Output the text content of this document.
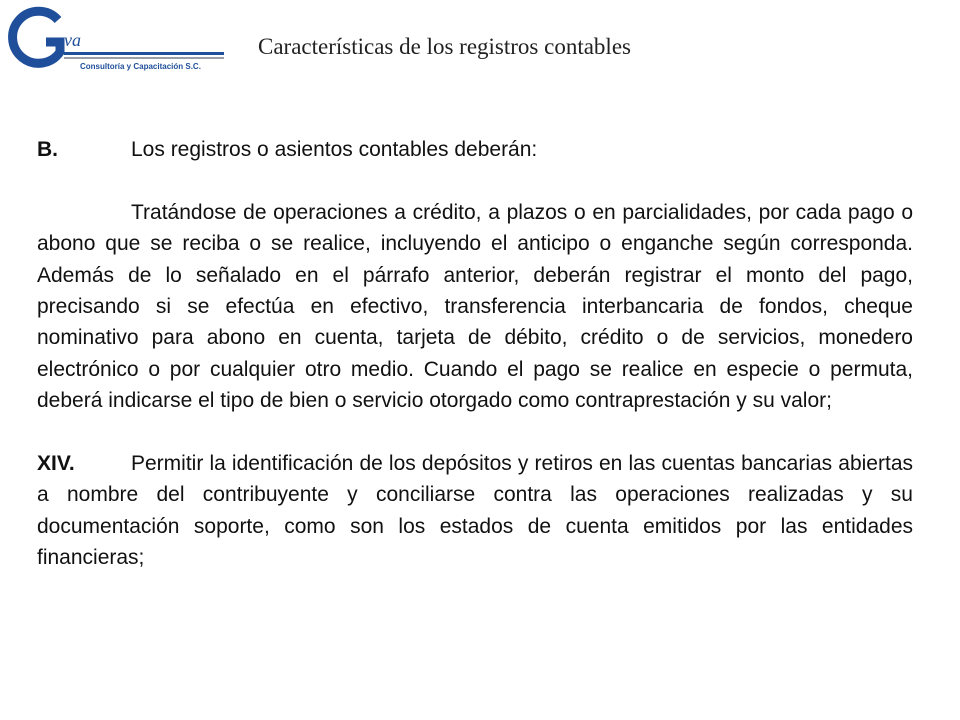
va
Consultoría y Capacitación S.C.
Características de los registros contables
B.	Los registros o asientos contables deberán:

Tratándose de operaciones a crédito, a plazos o en parcialidades, por cada pago o abono que se reciba o se realice, incluyendo el anticipo o enganche según corresponda. Además de lo señalado en el párrafo anterior, deberán registrar el monto del pago, precisando si se efectúa en efectivo, transferencia interbancaria de fondos, cheque nominativo para abono en cuenta, tarjeta de débito, crédito o de servicios, monedero electrónico o por cualquier otro medio. Cuando el pago se realice en especie o permuta, deberá indicarse el tipo de bien o servicio otorgado como contraprestación y su valor;

XIV.	Permitir la identificación de los depósitos y retiros en las cuentas bancarias abiertas a nombre del contribuyente y conciliarse contra las operaciones realizadas y su documentación soporte, como son los estados de cuenta emitidos por las entidades financieras;
